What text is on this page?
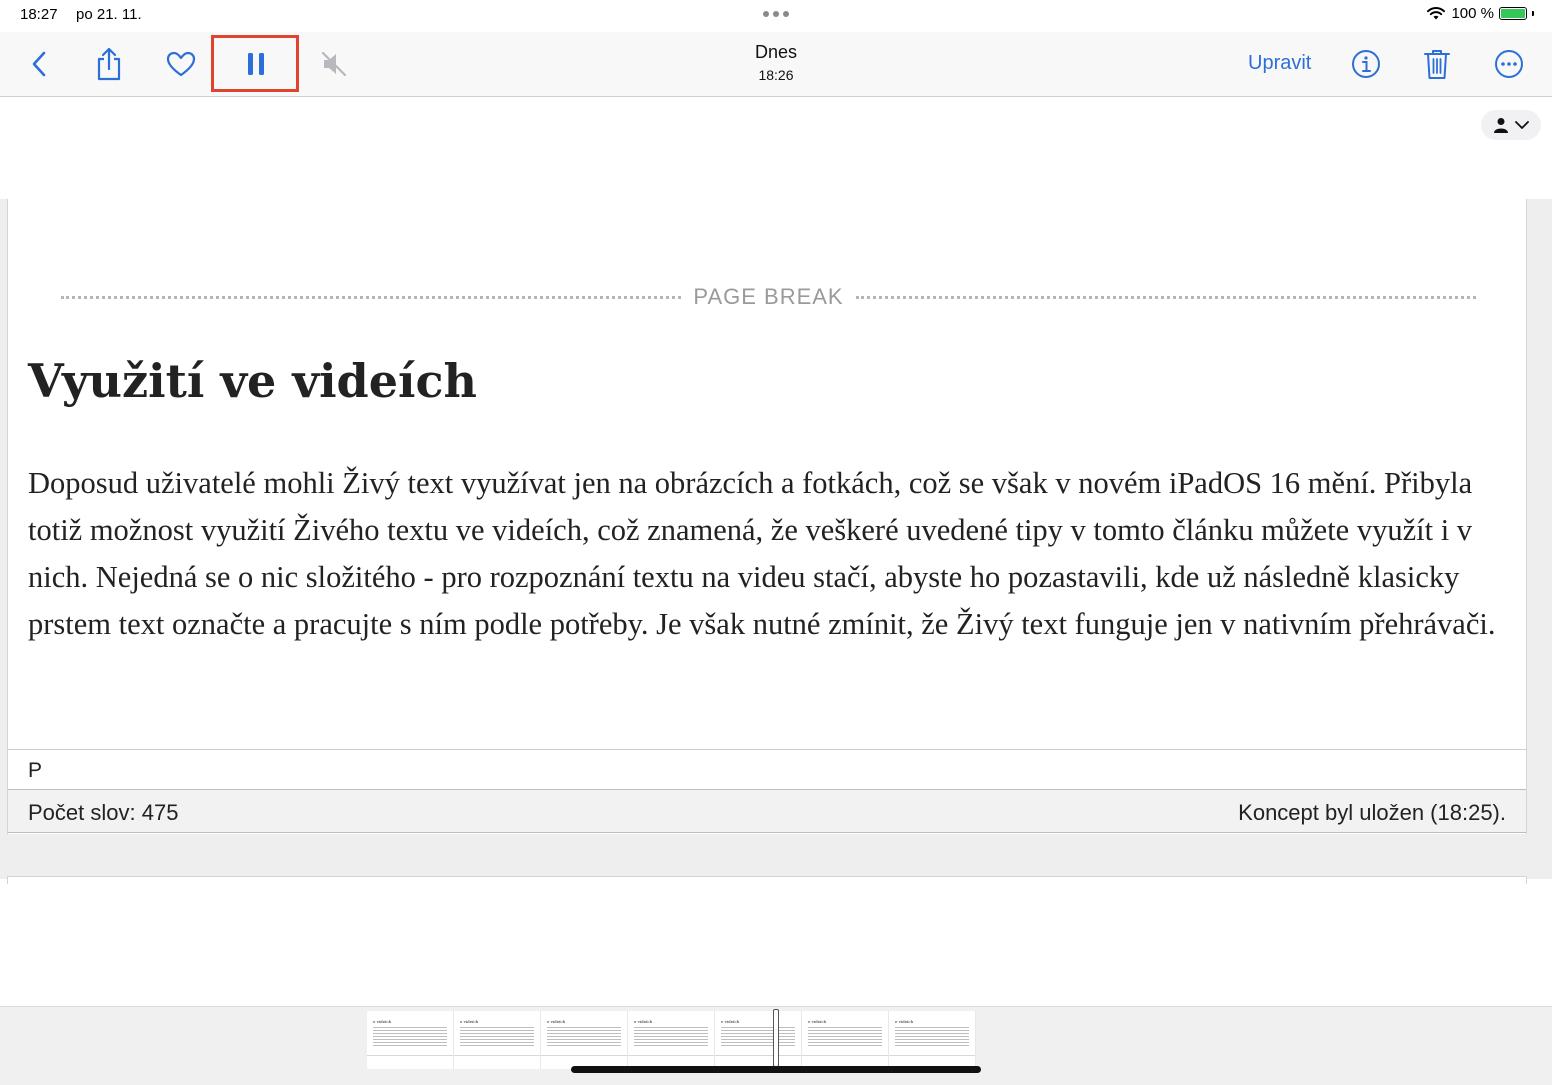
18:27 po 21. 11.	100 %
Dnes
18:26
Upravit
PAGE BREAK
Využití ve videích

Doposud uživatelé mohli Živý text využívat jen na obrázcích a fotkách, což se však v novém iPadOS 16 mění. Přibyla totiž možnost využití Živého textu ve videích, což znamená, že veškeré uvedené tipy v tomto článku můžete využít i v nich. Nejedná se o nic složitého - pro rozpoznání textu na videu stačí, abyste ho pozastavili, kde už následně klasicky prstem text označte a pracujte s ním podle potřeby. Je však nutné zmínit, že Živý text funguje jen v nativním přehrávači.

P
Počet slov: 475	Koncept byl uložen (18:25).
e videích	e videích	e videích	e videích	e videích	e videích	e videích
